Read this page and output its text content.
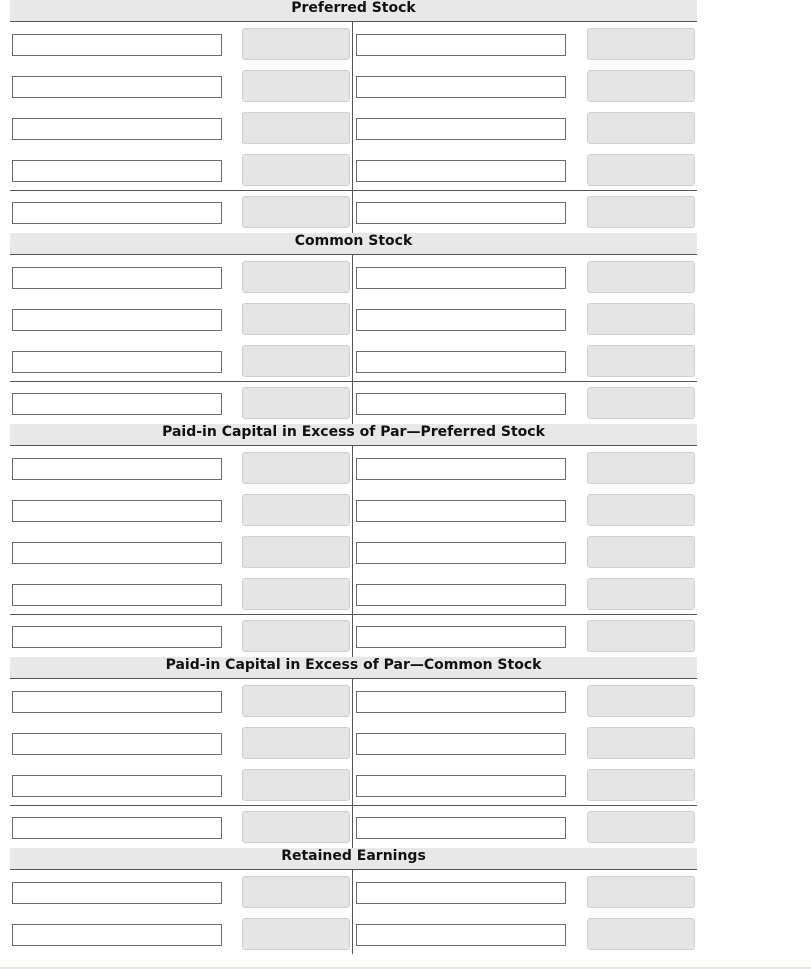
Preferred Stock
Common Stock
Paid-in Capital in Excess of Par—Preferred Stock
Paid-in Capital in Excess of Par—Common Stock
Retained Earnings
